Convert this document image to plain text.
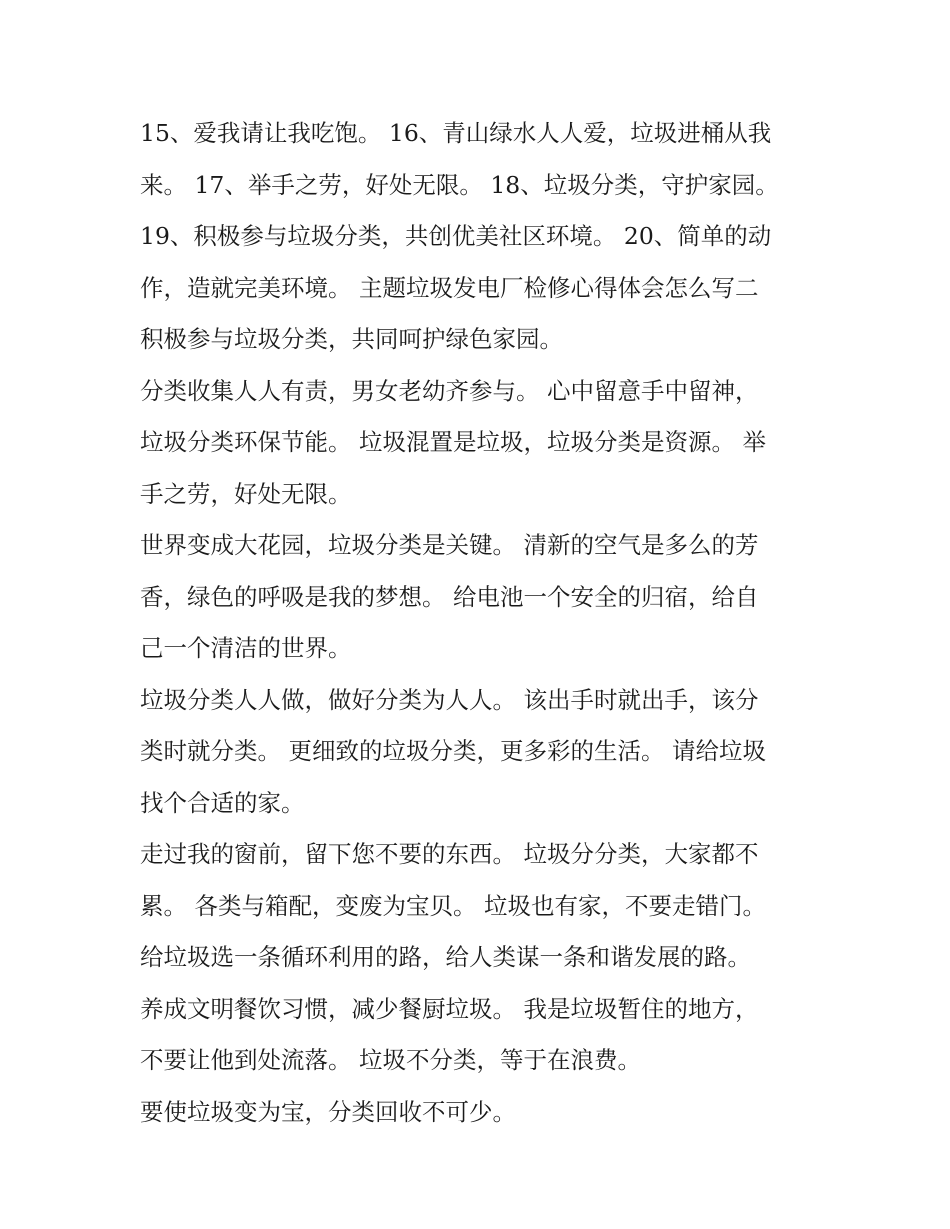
15、爱我请让我吃饱。 16、青山绿水人人爱，垃圾进桶从我
来。 17、举手之劳，好处无限。 18、垃圾分类，守护家园。
19、积极参与垃圾分类，共创优美社区环境。 20、简单的动
作，造就完美环境。 主题垃圾发电厂检修心得体会怎么写二
积极参与垃圾分类，共同呵护绿色家园。
分类收集人人有责，男女老幼齐参与。 心中留意手中留神，
垃圾分类环保节能。 垃圾混置是垃圾，垃圾分类是资源。 举
手之劳，好处无限。
世界变成大花园，垃圾分类是关键。 清新的空气是多么的芳
香，绿色的呼吸是我的梦想。 给电池一个安全的归宿，给自
己一个清洁的世界。
垃圾分类人人做，做好分类为人人。 该出手时就出手，该分
类时就分类。 更细致的垃圾分类，更多彩的生活。 请给垃圾
找个合适的家。
走过我的窗前，留下您不要的东西。 垃圾分分类，大家都不
累。 各类与箱配，变废为宝贝。 垃圾也有家，不要走错门。
给垃圾选一条循环利用的路，给人类谋一条和谐发展的路。
养成文明餐饮习惯，减少餐厨垃圾。 我是垃圾暂住的地方，
不要让他到处流落。 垃圾不分类，等于在浪费。
要使垃圾变为宝，分类回收不可少。
